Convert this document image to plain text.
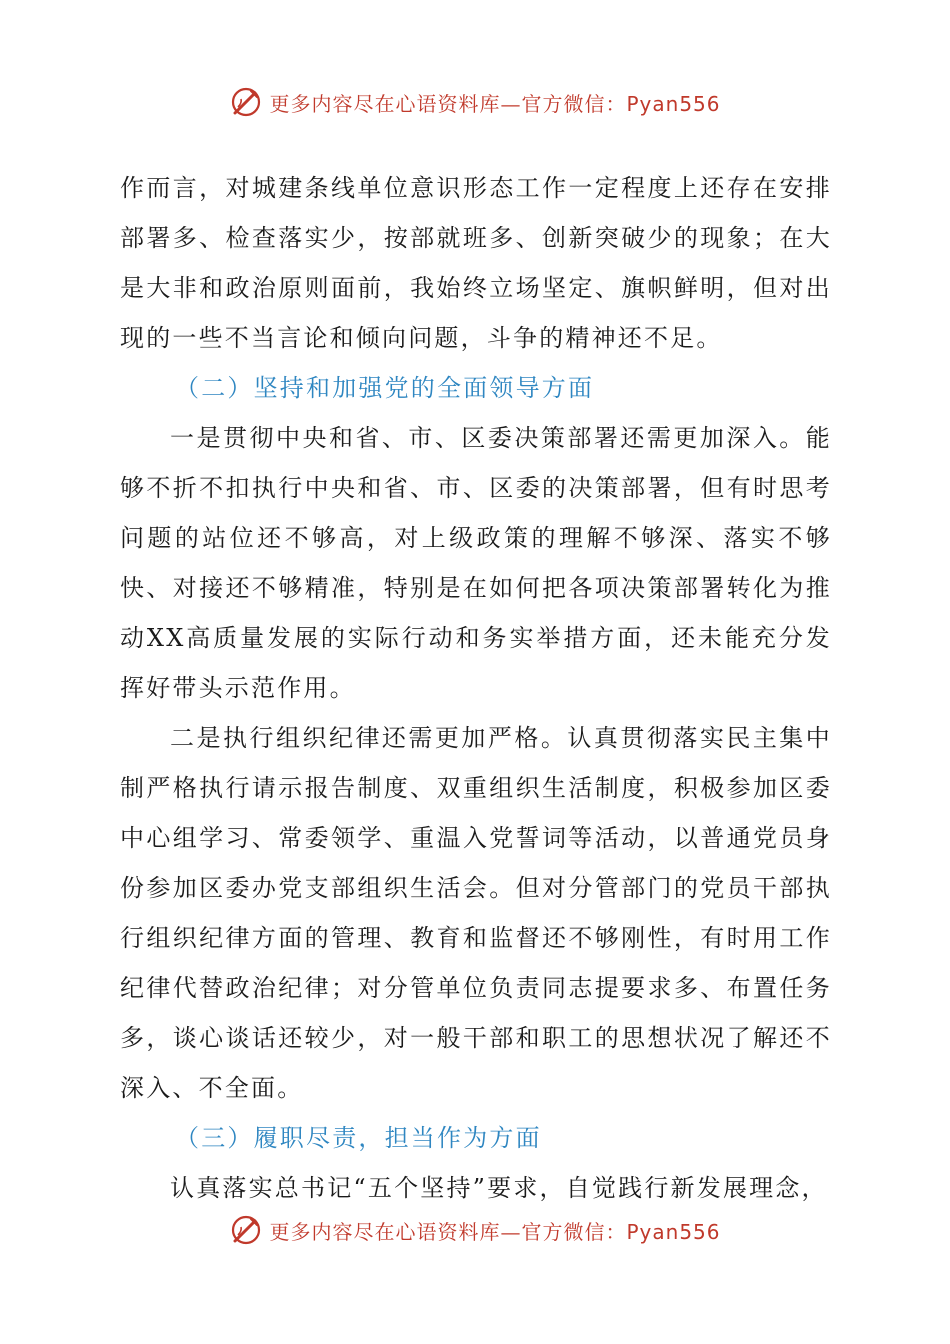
更多内容尽在心语资料库—官方微信：Pyan556

作而言，对城建条线单位意识形态工作一定程度上还存在安排部署多、检查落实少，按部就班多、创新突破少的现象；在大是大非和政治原则面前，我始终立场坚定、旗帜鲜明，但对出现的一些不当言论和倾向问题，斗争的精神还不足。

（二）坚持和加强党的全面领导方面

一是贯彻中央和省、市、区委决策部署还需更加深入。能够不折不扣执行中央和省、市、区委的决策部署，但有时思考问题的站位还不够高，对上级政策的理解不够深、落实不够快、对接还不够精准，特别是在如何把各项决策部署转化为推动XX高质量发展的实际行动和务实举措方面，还未能充分发挥好带头示范作用。

二是执行组织纪律还需更加严格。认真贯彻落实民主集中制严格执行请示报告制度、双重组织生活制度，积极参加区委中心组学习、常委领学、重温入党誓词等活动，以普通党员身份参加区委办党支部组织生活会。但对分管部门的党员干部执行组织纪律方面的管理、教育和监督还不够刚性，有时用工作纪律代替政治纪律；对分管单位负责同志提要求多、布置任务多，谈心谈话还较少，对一般干部和职工的思想状况了解还不深入、不全面。

（三）履职尽责，担当作为方面

认真落实总书记“五个坚持”要求，自觉践行新发展理念，

更多内容尽在心语资料库—官方微信：Pyan556
